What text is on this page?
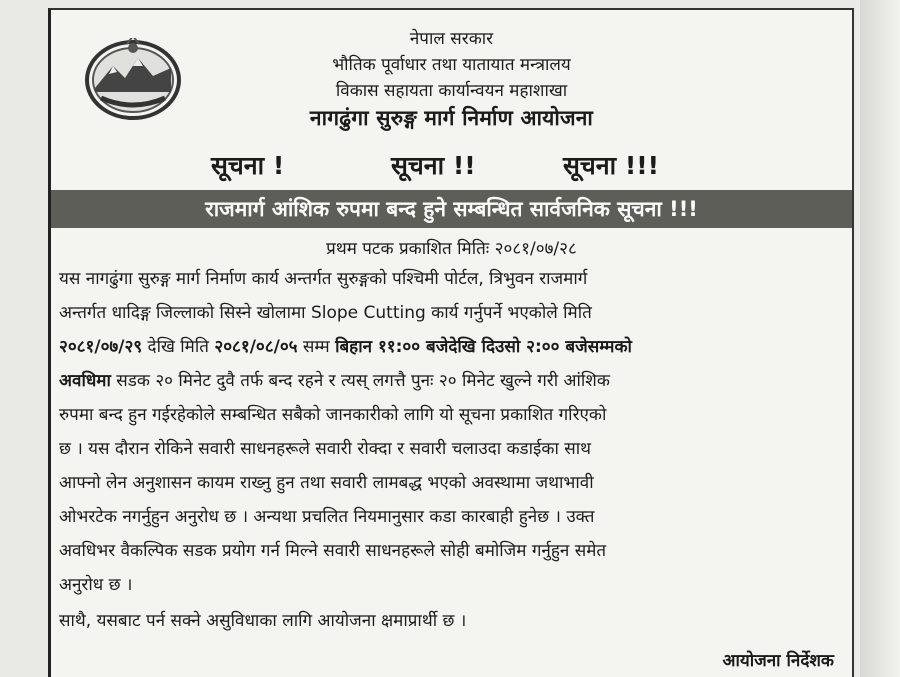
नेपाल सरकार
भौतिक पूर्वाधार तथा यातायात मन्त्रालय
विकास सहायता कार्यान्वयन महाशाखा
नागढुंगा सुरुङ्ग मार्ग निर्माण आयोजना
सूचना !	सूचना !!	सूचना !!!
राजमार्ग आंशिक रुपमा बन्द हुने सम्बन्धित सार्वजनिक सूचना !!!
प्रथम पटक प्रकाशित मितिः २०८१/०७/२८
यस नागढुंगा सुरुङ्ग मार्ग निर्माण कार्य अन्तर्गत सुरुङ्गको पश्चिमी पोर्टल, त्रिभुवन राजमार्ग
अन्तर्गत धादिङ्ग जिल्लाको सिस्ने खोलामा Slope Cutting कार्य गर्नुपर्ने भएकोले मिति
२०८१/०७/२९ देखि मिति २०८१/०८/०५ सम्म बिहान ११:०० बजेदेखि दिउसो २:०० बजेसम्मको
अवधिमा सडक २० मिनेट दुवै तर्फ बन्द रहने र त्यस् लगत्तै पुनः २० मिनेट खुल्ने गरी आंशिक
रुपमा बन्द हुन गईरहेकोले सम्बन्धित सबैको जानकारीको लागि यो सूचना प्रकाशित गरिएको
छ । यस दौरान रोकिने सवारी साधनहरूले सवारी रोक्दा र सवारी चलाउदा कडाईका साथ
आफ्नो लेन अनुशासन कायम राख्नु हुन तथा सवारी लामबद्ध भएको अवस्थामा जथाभावी
ओभरटेक नगर्नुहुन अनुरोध छ । अन्यथा प्रचलित नियमानुसार कडा कारबाही हुनेछ । उक्त
अवधिभर वैकल्पिक सडक प्रयोग गर्न मिल्ने सवारी साधनहरूले सोही बमोजिम गर्नुहुन समेत
अनुरोध छ ।
साथै, यसबाट पर्न सक्ने असुविधाका लागि आयोजना क्षमाप्रार्थी छ ।
आयोजना निर्देशक
